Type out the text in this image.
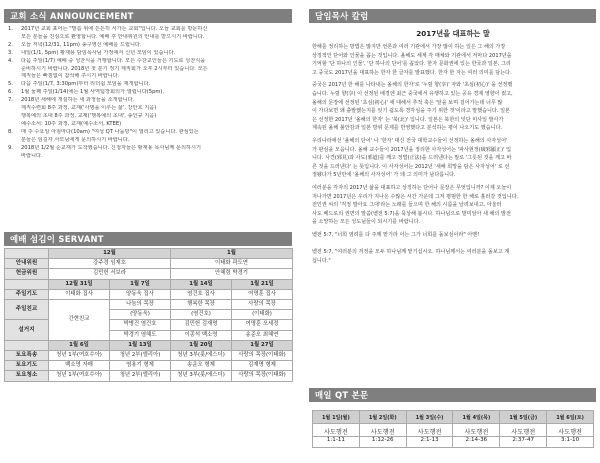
교회 소식 ANNOUNCEMENT
1.	2017년 교회 표어는 "말씀 위에 든든히 서가는 교회"입니다. 오늘 교회를 방문하신
모든 분들을 진심으로 환영합니다. 예배 후 안내위원의 안내를 받으시기 바랍니다.
2.	오늘 저녁(12/31, 11pm) 송구영신 예배를 드립니다.
3.	내일(1/1, 5pm) 황재용 담임목사님 가정에서 신년 모임이 있습니다.
4.	다음 주일(1/7) 예배 중 성찬식을 거행합니다. 모든 수찬교인들은 기도로 성찬식을
준비하시기 바랍니다. 2018년 첫 분기 정기 제직회가 오후 2시부터 있습니다. 모든
제직들은 빠짐없이 참석해 주시기 바랍니다.
5.	다음 주일(1/7, 3:30pm)부터 리더쉽 모임을 재개합니다.
6.	1월 둘째 주일(1/14)에는 1월 사역팀장회의가 열립니다(5pm).
7.	2018년 새해에 개설하는 새 과정들을 소개합니다.
제직수련회 8주 과정, 교재('사명을 이루는 삶', 강안호 지음)
행복예의 초대 8주 과정, 교재('행복예의 초대', 송인규 지음)
예수소서: 10주 과정, 교재(예수소서, KTEE)
8.	매 주 수요일 아침마다(10am) "여성 QT 나눔방"이 열리고 있습니다. 관심있는
분들은 임길자 사모님에게 문의하시기 바랍니다.
9.	2018년 1/2월 순교재가 도착했습니다. 신청자들은 황재용 목사님께 문의하시기
바랍니다.
예배 섬김이 SERVANT
	12월		1월	
안내위원	강주경 임재호		이태화 곽도연	
헌금위원	김민헌 서보라		안혜령 박경기	
	12월 31일	1월 7일	1월 14일	1월 21일
주일기도	이태화 집사	양동욱 집사	염건호 집사	여명훈 집사
주일친교	간현친교	나눔의 목장	행복한 목장	사랑의 목장
		(양동욱)	(염건호)	(이태화)
설거지		박병건 염건호	김민헌 김재명	여명훈 오세정
		박경기 염혜도	이종석 백소영	송준오 최혜연
	1월 6일	1월 13일	1월 20일	1월 27일
토요특송	청년 1부(여호수아)	청년 2부(엘리아)	청년 3부(룻/에스더)	사랑의 목장(이태화)
토요기도	백소영 자매	염용기 형제	송운오 형제	김재명 형제
토요청소	청년 1부(여호수아)	청년 2부(엘리아)	청년 3부(룻/에스더)	사랑의 목장(이태화)
담임목사 칼럼
2017년을 대표하는 말
한해를 정리하는 방법은 많지만 언론과 여러 기관에서 가장 많이 하는 일은 그 해의 가장
상징적인 단어와 인물을 꼽는 것입니다. 올해도 세계 각 매체와 기관에서 저마다 2017년을
기억할 '단 하나의 인물', '단 하나의 단어'를 꼽았다. 한자 문화권에 있는 한국과 일본, 그리
고 중국도 2017년을 대표하는 한자 한 글자를 발표했다. 한자 한 자는 여러 의미를 담는다.
중국은 2017년 한 해를 나타내는 올해의 한자'로 '누릴 향(享)' 자와 '초심(初心)' 을 선정했
습니다. 누릴 향(享) 이 선정된 배경엔 최근 중국에서 유행하고 있는 공유 경제 영향이 컸고,
올해의 문장에 선정된 '초심(初心)' 에 대해서 추적 축은 '앞을 보며 걸어가는데 너무 많
이 가다보면 왜 출발했는지를 잊기 쉽도록 경각심을 주기 위한 것'이라고 말했습니다. 일본
은 선정한 2017년 '올해의 한자' 는 '북(北)' 입니다. 일본은 북한의 잇단 미사일 발사가
계속된 올해 불안감과 일본 방위 문제를 반영했다고 분석하는 평이 나오기도 했습니다.
우리나라에선 '올해의 단어' 나 '한자' 대신 전국 대학교수들이 선정하는 올해의 사자성어'
가 관심을 모읍니다. 올해 교수들이 2017년을 정리한 사자성어는 '파사현정(破邪顯正)' 입
니다. 사견(邪見)과 사도(邪道)를 깨고 정법(正法)을 드러낸다는 말로 '그릇된 것을 깨고 바
른 것을 드러낸다' 는 뜻입니다. 이 사자성어는 2012년 '새해 희망을 담은 사자성어' 로 선
정됐다가 5년만에 '올해의 사자성어' 가 돼 그 의미가 남다릅니다.
여러분을 각자의 2017년 삶을 대표하고 상징하는 단어나 문장은 무엇입니까? 이제 오늘이
지나가면 2017년은 우리가 지나온 수많은 시간 가운데 그저 평범한 한 해로 흘러갈 것입니다.
전인권 씨의 '걱정 말아요 그대'라는 노래를 들으며 한 해의 시름을 날려보내고, 아울러
사도 베드로의 권면의 말씀(벧전 5:7)을 묵상해 봅시다. 하나님으로 말미암아 새 해의 발전
을 소망하는 모든 성도님들이 되시기를 바랍니다.
벧전 5:7, "너희 염려를 다 주께 맡기라 이는 그가 너희를 돌보심이라" 아멘!

벧전 5:7, "여러분의 걱정을 모두 하나님께 맡기십시오. 하나님께서는 여러분을 돌보고 계
십니다."
매일 QT 본문
1월 1일(월)	1월 2일(화)	1월 3일(수)	1월 4일(목)	1월 5일(금)	1월 6일(토)
사도행전	사도행전	사도행전	사도행전	사도행전	사도행전
1:1-11	1:12-26	2:1-13	2:14-36	2:37-47	3:1-10
